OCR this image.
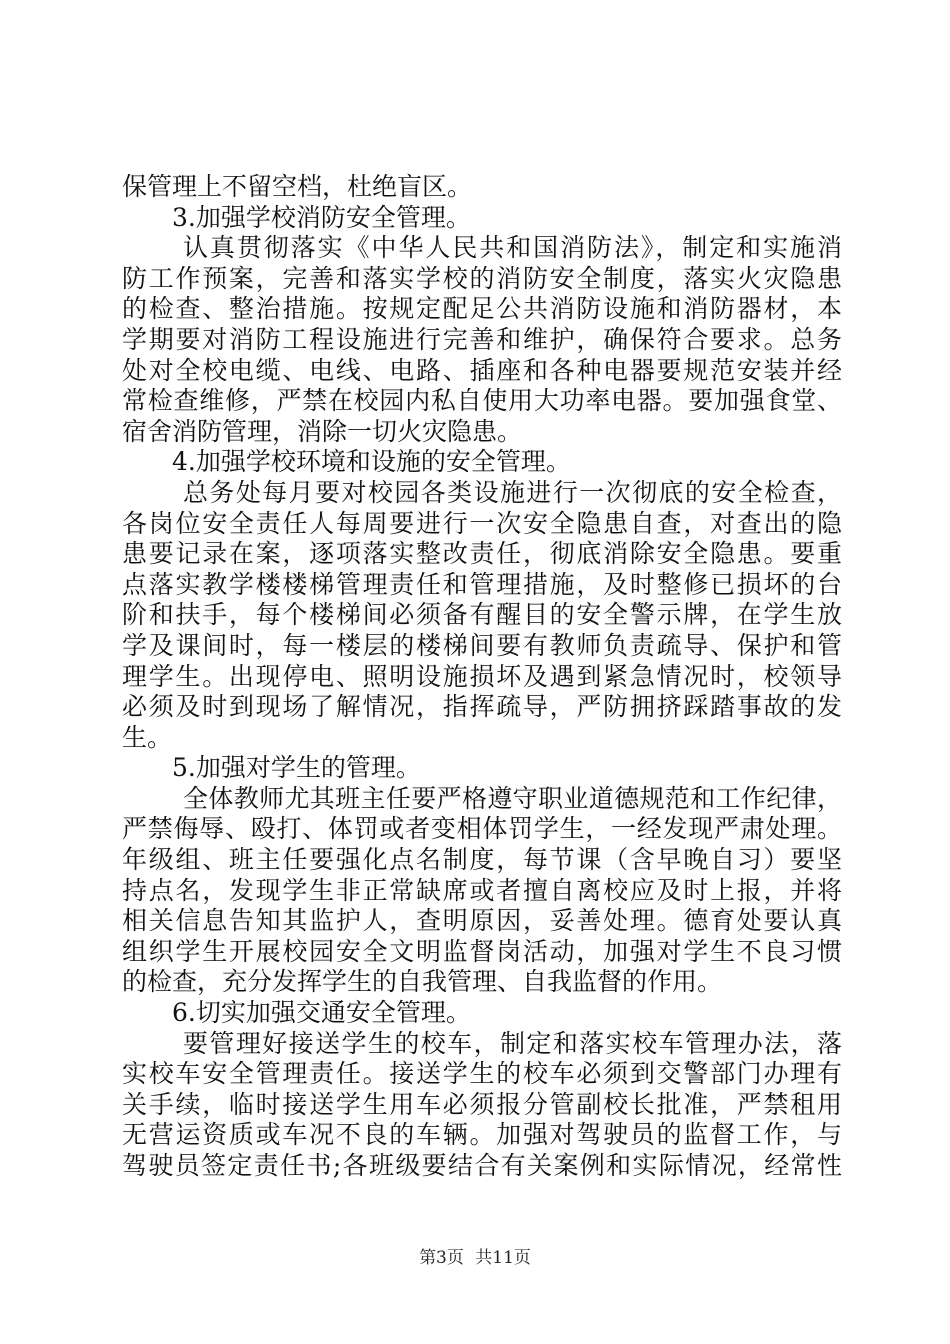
保管理上不留空档，杜绝盲区。
3.加强学校消防安全管理。
认真贯彻落实《中华人民共和国消防法》，制定和实施消
防工作预案，完善和落实学校的消防安全制度，落实火灾隐患
的检查、整治措施。按规定配足公共消防设施和消防器材，本
学期要对消防工程设施进行完善和维护，确保符合要求。总务
处对全校电缆、电线、电路、插座和各种电器要规范安装并经
常检查维修，严禁在校园内私自使用大功率电器。要加强食堂、
宿舍消防管理，消除一切火灾隐患。
4.加强学校环境和设施的安全管理。
总务处每月要对校园各类设施进行一次彻底的安全检查，
各岗位安全责任人每周要进行一次安全隐患自查，对查出的隐
患要记录在案，逐项落实整改责任，彻底消除安全隐患。要重
点落实教学楼楼梯管理责任和管理措施，及时整修已损坏的台
阶和扶手，每个楼梯间必须备有醒目的安全警示牌，在学生放
学及课间时，每一楼层的楼梯间要有教师负责疏导、保护和管
理学生。出现停电、照明设施损坏及遇到紧急情况时，校领导
必须及时到现场了解情况，指挥疏导，严防拥挤踩踏事故的发
生。
5.加强对学生的管理。
全体教师尤其班主任要严格遵守职业道德规范和工作纪律，
严禁侮辱、殴打、体罚或者变相体罚学生，一经发现严肃处理。
年级组、班主任要强化点名制度，每节课（含早晚自习）要坚
持点名，发现学生非正常缺席或者擅自离校应及时上报，并将
相关信息告知其监护人，查明原因，妥善处理。德育处要认真
组织学生开展校园安全文明监督岗活动，加强对学生不良习惯
的检查，充分发挥学生的自我管理、自我监督的作用。
6.切实加强交通安全管理。
要管理好接送学生的校车，制定和落实校车管理办法，落
实校车安全管理责任。接送学生的校车必须到交警部门办理有
关手续，临时接送学生用车必须报分管副校长批准，严禁租用
无营运资质或车况不良的车辆。加强对驾驶员的监督工作，与
驾驶员签定责任书;各班级要结合有关案例和实际情况，经常性
第3页 共11页
